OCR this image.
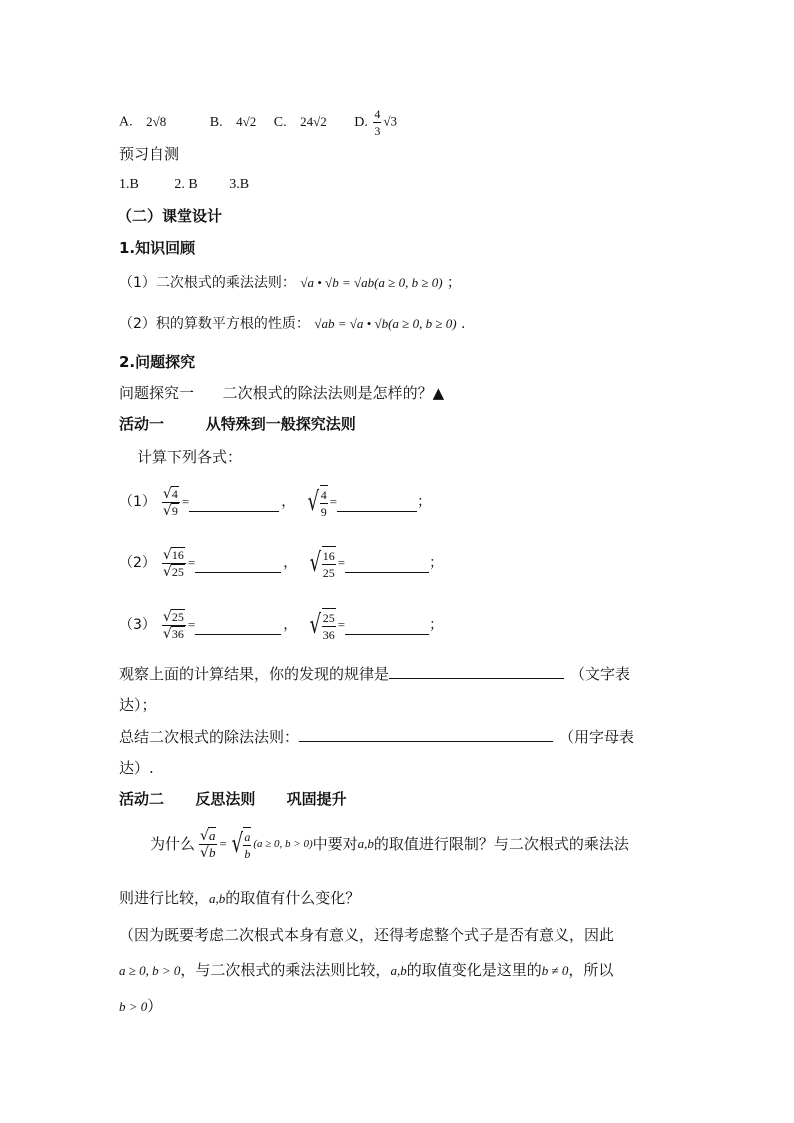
A. 2√8	B. 4√2 C. 24√2 D. $\frac{4}{3} √3$
预习自测
1.B	2. B 3.B
（二）课堂设计
1.知识回顾
（1）二次根式的乘法法则： √a • √b = √ab(a ≥ 0, b ≥ 0) ；
（2）积的算数平方根的性质： √ab = √a • √b(a ≥ 0, b ≥ 0) .
2.问题探究
问题探究一      二次根式的除法法则是怎样的？▲
活动一        从特殊到一般探究法则
计算下列各式：
$(1) \frac{√4}{√9}$ =	， √ $\frac{4}{9}$ =	；
$(2) \frac{√16}{√25}$ =	， √ $\frac{16}{25}$ =	；
$(3) \frac{√25}{√36}$ =	， √ $\frac{25}{36}$ =	；
观察上面的计算结果，你的发现的规律是	（文字表
达）；
总结二次根式的除法法则：	（用字母表
达）.
活动二      反思法则      巩固提升
为什么 $\frac{√a}{√b}$ = √ $\frac{a}{b} (a \ge 0$, b > 0) 中要对 a,b 的取值进行限制？与二次根式的乘法法
则进行比较，a,b的取值有什么变化？
（因为既要考虑二次根式本身有意义，还得考虑整个式子是否有意义，因此
a ≥ 0, b > 0，与二次根式的乘法法则比较，a,b的取值变化是这里的b ≠ 0，所以
b > 0）
